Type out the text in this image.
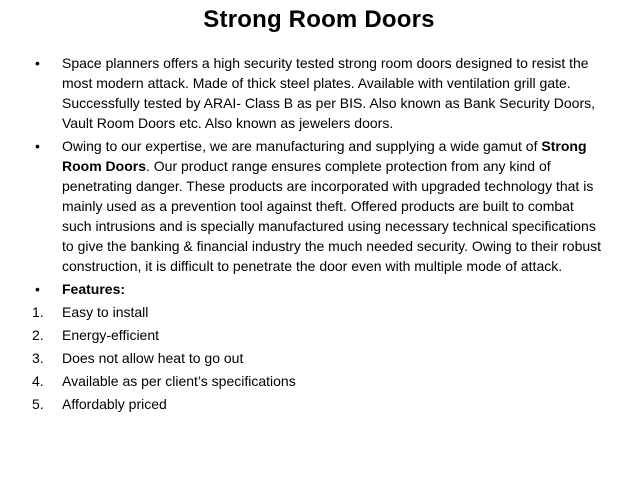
Strong Room Doors
•	Space planners offers a high security tested strong room doors designed to resist the most modern attack. Made of thick steel plates. Available with ventilation grill gate. Successfully tested by ARAI- Class B as per BIS. Also known as Bank Security Doors, Vault Room Doors etc. Also known as jewelers doors.
•	Owing to our expertise, we are manufacturing and supplying a wide gamut of Strong Room Doors. Our product range ensures complete protection from any kind of penetrating danger. These products are incorporated with upgraded technology that is mainly used as a prevention tool against theft. Offered products are built to combat such intrusions and is specially manufactured using necessary technical specifications to give the banking & financial industry the much needed security. Owing to their robust construction, it is difficult to penetrate the door even with multiple mode of attack.
•	Features:
1.	Easy to install
2.	Energy-efficient
3.	Does not allow heat to go out
4.	Available as per client’s specifications
5.	Affordably priced
